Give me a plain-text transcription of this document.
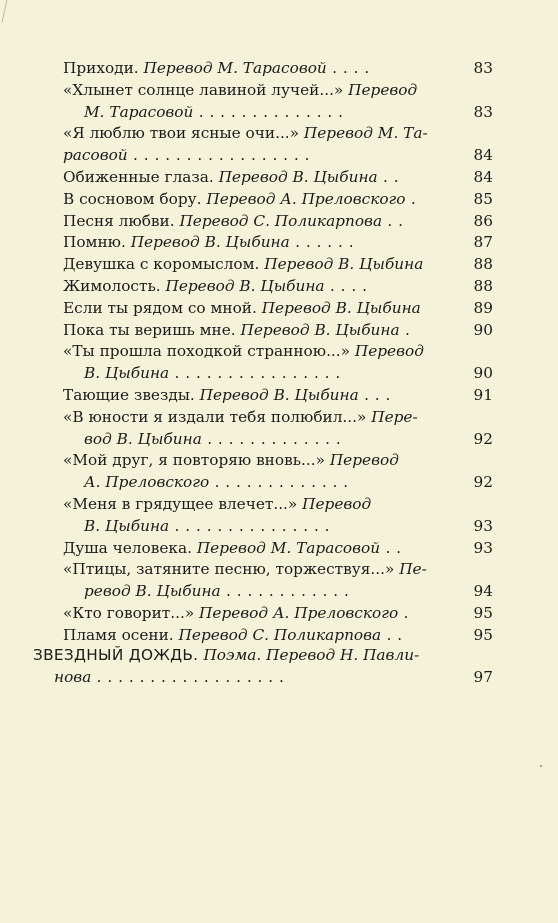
Приходи. Перевод М. Тарасовой . . . .	83
«Хлынет солнце лавиной лучей...» Перевод
М. Тарасовой . . . . . . . . . . . . . .	83
«Я люблю твои ясные очи...» Перевод М. Та-
расовой . . . . . . . . . . . . . . . . .	84
Обиженные глаза. Перевод В. Цыбина . .	84
В сосновом бору. Перевод А. Преловского .	85
Песня любви. Перевод С. Поликарпова . .	86
Помню. Перевод В. Цыбина . . . . . .	87
Девушка с коромыслом. Перевод В. Цыбина	88
Жимолость. Перевод В. Цыбина . . . .	88
Если ты рядом со мной. Перевод В. Цыбина	89
Пока ты веришь мне. Перевод В. Цыбина .	90
«Ты прошла походкой странною...» Перевод
В. Цыбина . . . . . . . . . . . . . . . .	90
Тающие звезды. Перевод В. Цыбина . . .	91
«В юности я издали тебя полюбил...» Пере-
вод В. Цыбина . . . . . . . . . . . . .	92
«Мой друг, я повторяю вновь...» Перевод
А. Преловского . . . . . . . . . . . . .	92
«Меня в грядущее влечет...» Перевод
В. Цыбина . . . . . . . . . . . . . . .	93
Душа человека. Перевод М. Тарасовой . .	93
«Птицы, затяните песню, торжествуя...» Пе-
ревод В. Цыбина . . . . . . . . . . . .	94
«Кто говорит...» Перевод А. Преловского .	95
Пламя осени. Перевод С. Поликарпова . .	95
ЗВЕЗДНЫЙ ДОЖДЬ. Поэма. Перевод Н. Павли-
нова . . . . . . . . . . . . . . . . . .	97
